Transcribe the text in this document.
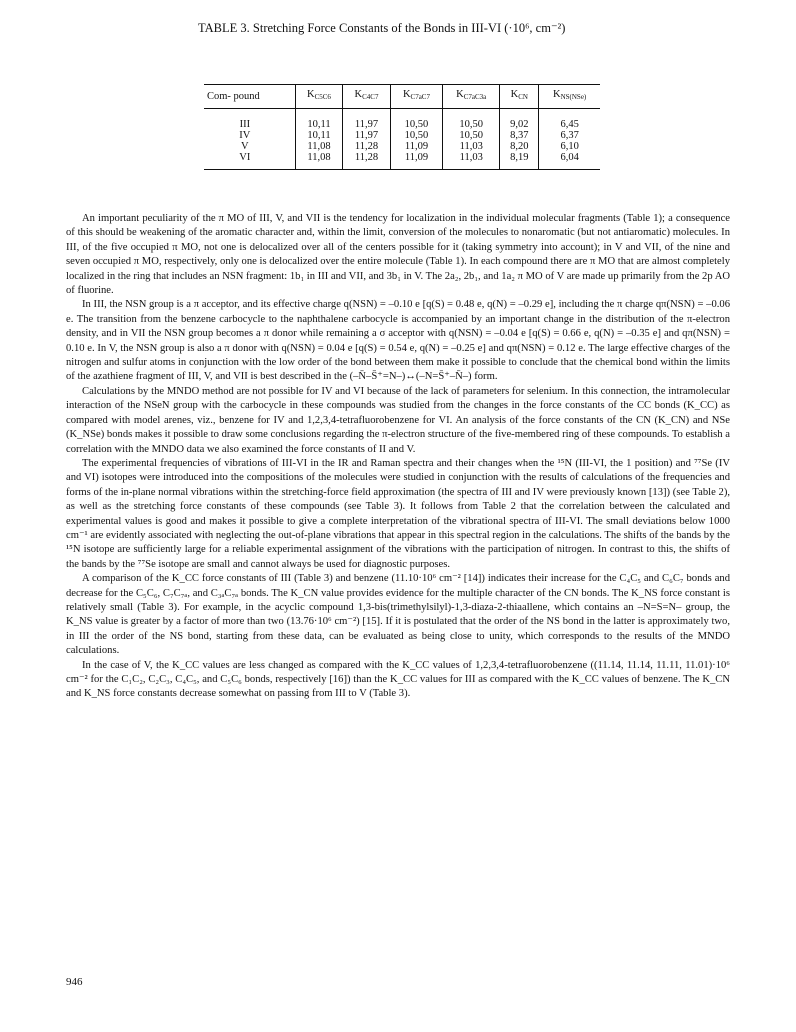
TABLE 3. Stretching Force Constants of the Bonds in III-VI (·10⁶, cm⁻²)
Com- pound	$K_{C5C6}$	$K_{C4C7}$	$K_{C7aC7}$	$K_{C7aC3a}$	$K_{CN}$	$K_{NS(NSe)}$
III	10,11	11,97	10,50	10,50	9,02	6,45
IV	10,11	11,97	10,50	10,50	8,37	6,37
V	11,08	11,28	11,09	11,03	8,20	6,10
VI	11,08	11,28	11,09	11,03	8,19	6,04

An important peculiarity of the π MO of III, V, and VII is the tendency for localization in the individual molecular fragments (Table 1); a consequence of this should be weakening of the aromatic character and, within the limit, conversion of the molecules to nonaromatic (but not antiaromatic) molecules. In III, of the five occupied π MO, not one is delocalized over all of the centers possible for it (taking symmetry into account); in V and VII, of the nine and seven occupied π MO, respectively, only one is delocalized over the entire molecule (Table 1). In each compound there are π MO that are almost completely localized in the ring that includes an NSN fragment: 1b₁ in III and VII, and 3b₁ in V. The 2a₂, 2b₁, and 1a₂ π MO of V are made up primarily from the 2p AO of fluorine.

In III, the NSN group is a π acceptor, and its effective charge q(NSN) = –0.10 e [q(S) = 0.48 e, q(N) = –0.29 e], including the π charge qπ(NSN) = –0.06 e. The transition from the benzene carbocycle to the naphthalene carbocycle is accompanied by an important change in the distribution of the π-electron density, and in VII the NSN group becomes a π donor while remaining a σ acceptor with q(NSN) = –0.04 e [q(S) = 0.66 e, q(N) = –0.35 e] and qπ(NSN) = 0.10 e. In V, the NSN group is also a π donor with q(NSN) = 0.04 e [q(S) = 0.54 e, q(N) = –0.25 e] and qπ(NSN) = 0.12 e. The large effective charges of the nitrogen and sulfur atoms in conjunction with the low order of the bond between them make it possible to conclude that the chemical bond within the limits of the azathiene fragment of III, V, and VII is best described in the (–N̄–S̄⁺=N–)↔(–N=S̄⁺–N̄–) form.

Calculations by the MNDO method are not possible for IV and VI because of the lack of parameters for selenium. In this connection, the intramolecular interaction of the NSeN group with the carbocycle in these compounds was studied from the changes in the force constants of the CC bonds (K_CC) as compared with model arenes, viz., benzene for IV and 1,2,3,4-tetrafluorobenzene for VI. An analysis of the force constants of the CN (K_CN) and NSe (K_NSe) bonds makes it possible to draw some conclusions regarding the π-electron structure of the five-membered ring of these compounds. To establish a correlation with the MNDO data we also examined the force constants of II and V.

The experimental frequencies of vibrations of III-VI in the IR and Raman spectra and their changes when the ¹⁵N (III-VI, the 1 position) and ⁷⁷Se (IV and VI) isotopes were introduced into the compositions of the molecules were studied in conjunction with the results of calculations of the frequencies and forms of the in-plane normal vibrations within the stretching-force field approximation (the spectra of III and IV were previously known [13]) (see Table 2), as well as the stretching force constants of these compounds (see Table 3). It follows from Table 2 that the correlation between the calculated and experimental values is good and makes it possible to give a complete interpretation of the vibrational spectra of III-VI. The small deviations below 1000 cm⁻¹ are evidently associated with neglecting the out-of-plane vibrations that appear in this spectral region in the calculations. The shifts of the bands by the ¹⁵N isotope are sufficiently large for a reliable experimental assignment of the vibrations with the participation of nitrogen. In contrast to this, the shifts of the bands by the ⁷⁷Se isotope are small and cannot always be used for diagnostic purposes.

A comparison of the K_CC force constants of III (Table 3) and benzene (11.10·10⁶ cm⁻² [14]) indicates their increase for the C₄C₅ and C₆C₇ bonds and decrease for the C₅C₆, C₇C₇ₐ, and C₃ₐC₇ₐ bonds. The K_CN value provides evidence for the multiple character of the CN bonds. The K_NS force constant is relatively small (Table 3). For example, in the acyclic compound 1,3-bis(trimethylsilyl)-1,3-diaza-2-thiaallene, which contains an –N=S=N– group, the K_NS value is greater by a factor of more than two (13.76·10⁶ cm⁻²) [15]. If it is postulated that the order of the NS bond in the latter is approximately two, in III the order of the NS bond, starting from these data, can be evaluated as being close to unity, which corresponds to the results of the MNDO calculations.

In the case of V, the K_CC values are less changed as compared with the K_CC values of 1,2,3,4-tetrafluorobenzene ((11.14, 11.14, 11.11, 11.01)·10⁶ cm⁻² for the C₁C₂, C₂C₃, C₄C₅, and C₅C₆ bonds, respectively [16]) than the K_CC values for III as compared with the K_CC values of benzene. The K_CN and K_NS force constants decrease somewhat on passing from III to V (Table 3).

946
